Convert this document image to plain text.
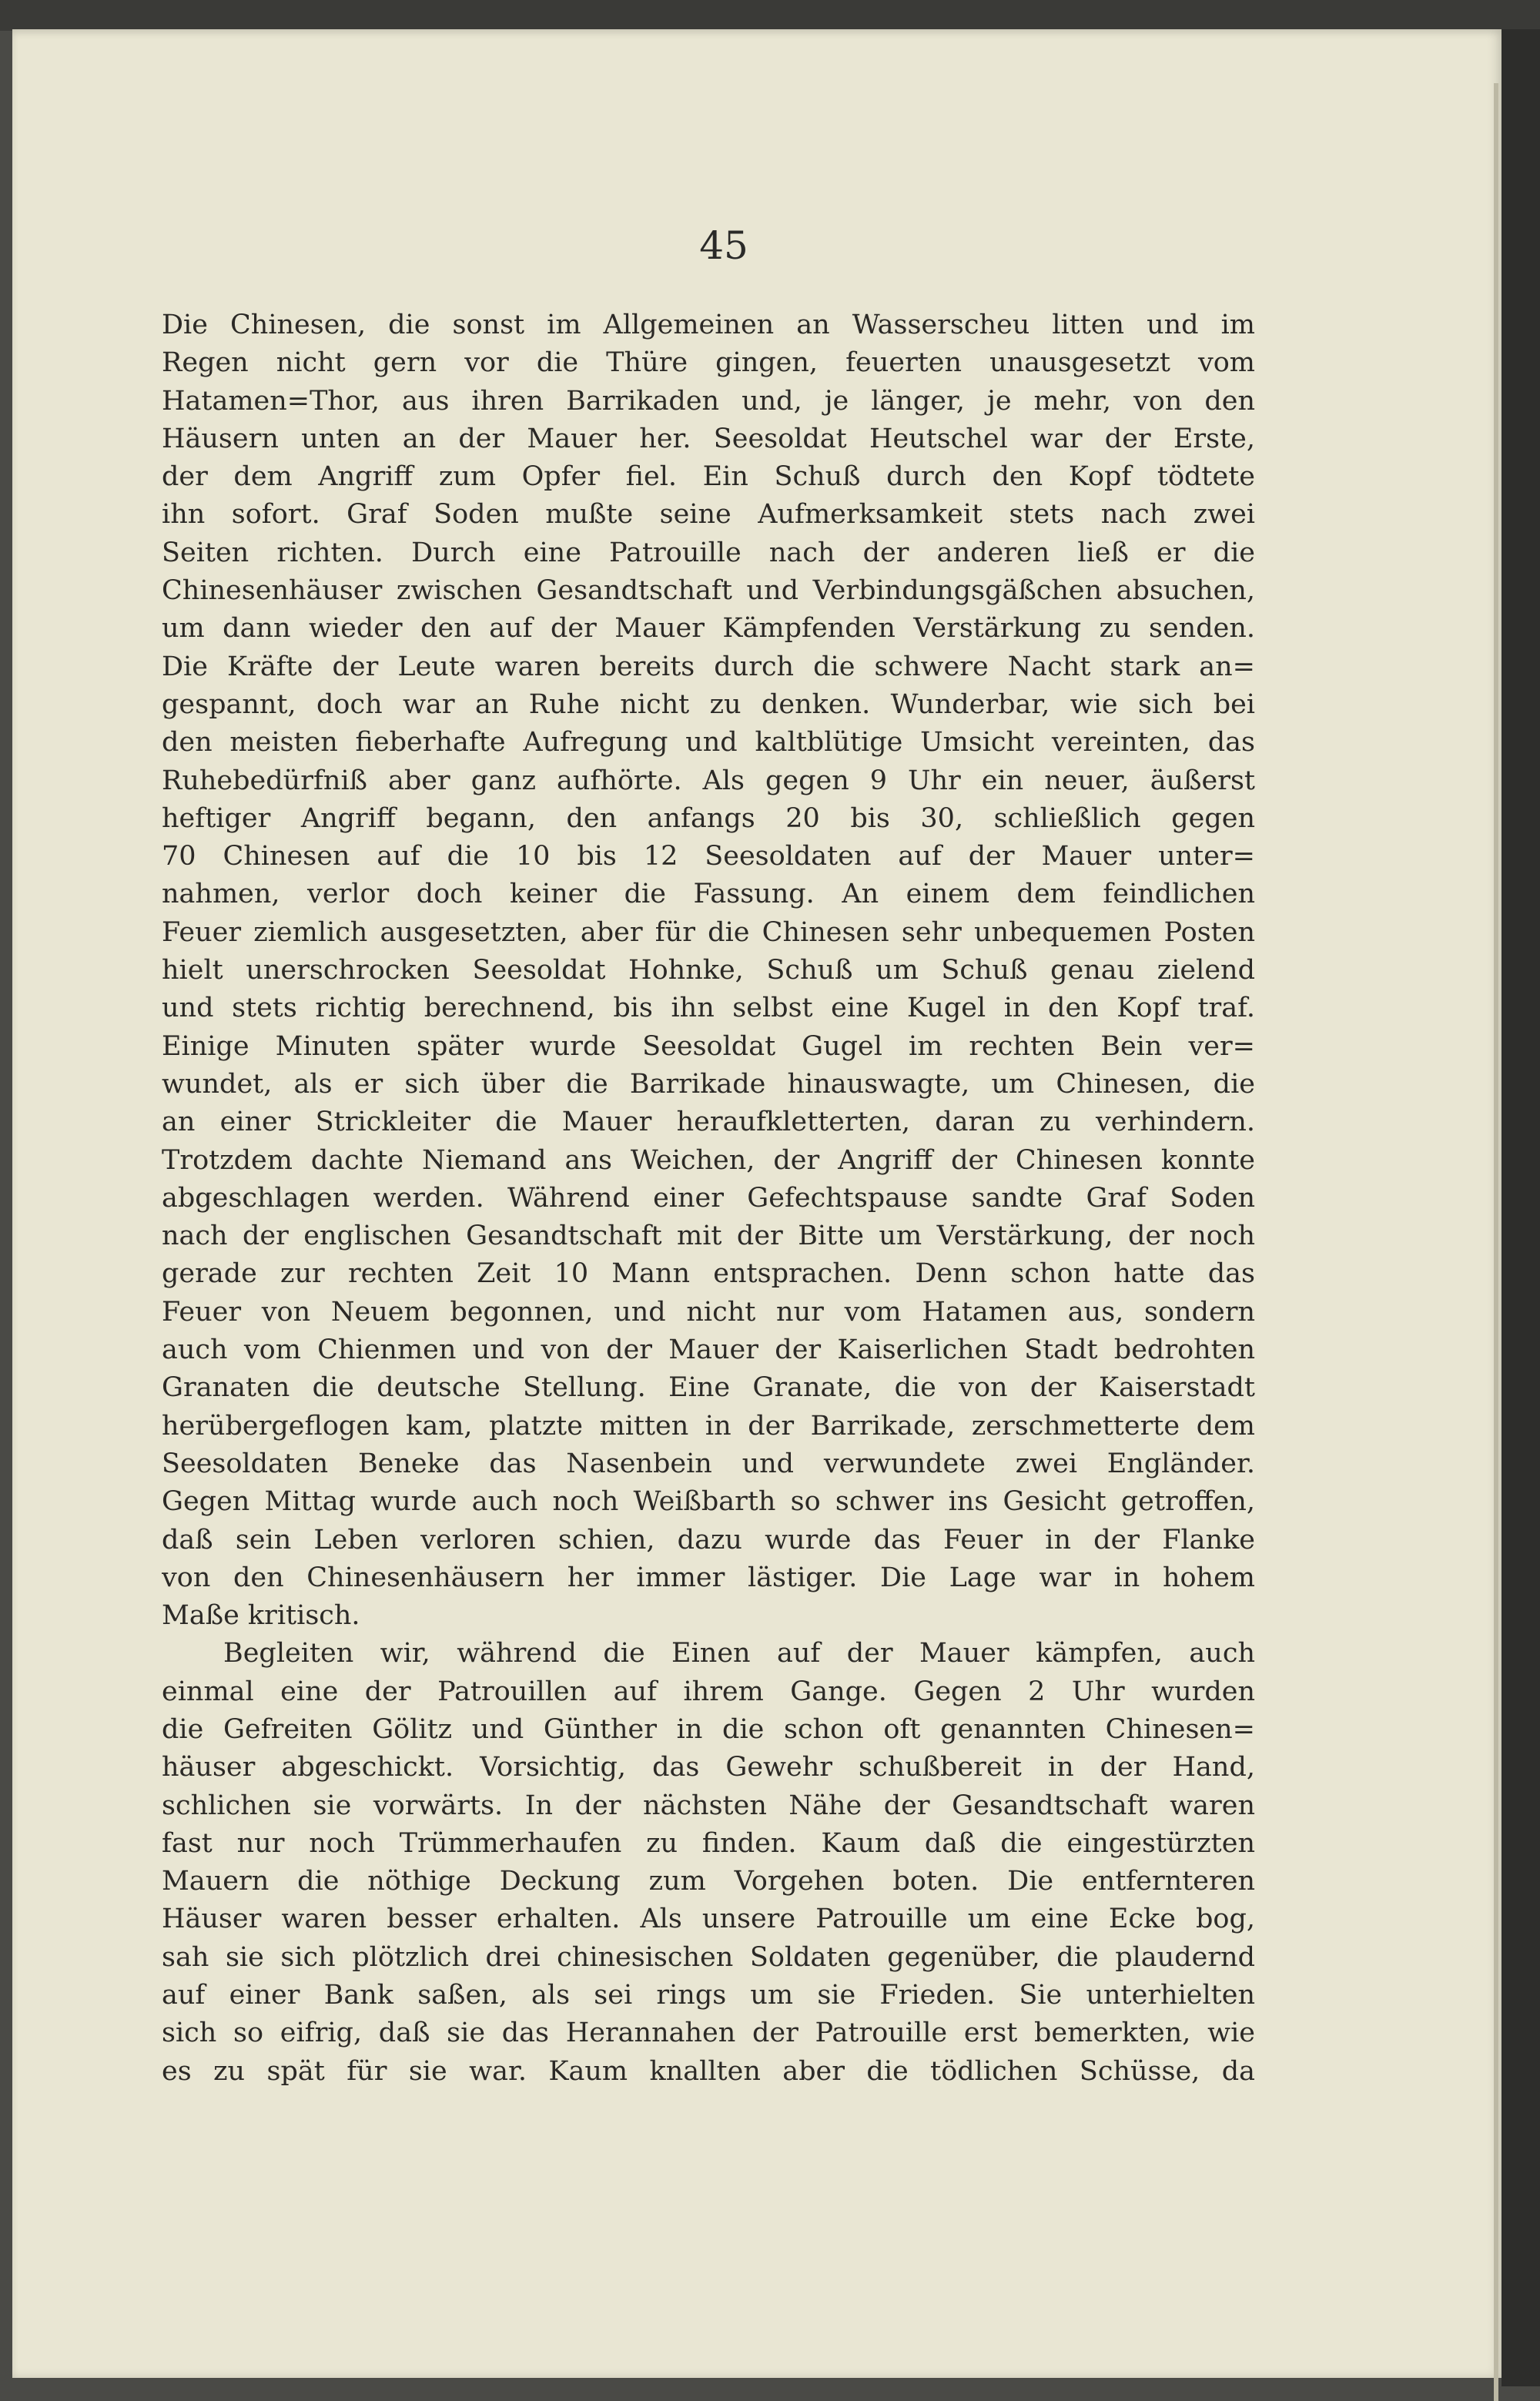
45
Die Chinesen, die sonst im Allgemeinen an Wasserscheu litten und im
Regen nicht gern vor die Thüre gingen, feuerten unausgesetzt vom
Hatamen=Thor, aus ihren Barrikaden und, je länger, je mehr, von den
Häusern unten an der Mauer her. Seesoldat Heutschel war der Erste,
der dem Angriff zum Opfer fiel. Ein Schuß durch den Kopf tödtete
ihn sofort. Graf Soden mußte seine Aufmerksamkeit stets nach zwei
Seiten richten. Durch eine Patrouille nach der anderen ließ er die
Chinesenhäuser zwischen Gesandtschaft und Verbindungsgäßchen absuchen,
um dann wieder den auf der Mauer Kämpfenden Verstärkung zu senden.
Die Kräfte der Leute waren bereits durch die schwere Nacht stark an=
gespannt, doch war an Ruhe nicht zu denken. Wunderbar, wie sich bei
den meisten fieberhafte Aufregung und kaltblütige Umsicht vereinten, das
Ruhebedürfniß aber ganz aufhörte. Als gegen 9 Uhr ein neuer, äußerst
heftiger Angriff begann, den anfangs 20 bis 30, schließlich gegen
70 Chinesen auf die 10 bis 12 Seesoldaten auf der Mauer unter=
nahmen, verlor doch keiner die Fassung. An einem dem feindlichen
Feuer ziemlich ausgesetzten, aber für die Chinesen sehr unbequemen Posten
hielt unerschrocken Seesoldat Hohnke, Schuß um Schuß genau zielend
und stets richtig berechnend, bis ihn selbst eine Kugel in den Kopf traf.
Einige Minuten später wurde Seesoldat Gugel im rechten Bein ver=
wundet, als er sich über die Barrikade hinauswagte, um Chinesen, die
an einer Strickleiter die Mauer heraufkletterten, daran zu verhindern.
Trotzdem dachte Niemand ans Weichen, der Angriff der Chinesen konnte
abgeschlagen werden. Während einer Gefechtspause sandte Graf Soden
nach der englischen Gesandtschaft mit der Bitte um Verstärkung, der noch
gerade zur rechten Zeit 10 Mann entsprachen. Denn schon hatte das
Feuer von Neuem begonnen, und nicht nur vom Hatamen aus, sondern
auch vom Chienmen und von der Mauer der Kaiserlichen Stadt bedrohten
Granaten die deutsche Stellung. Eine Granate, die von der Kaiserstadt
herübergeflogen kam, platzte mitten in der Barrikade, zerschmetterte dem
Seesoldaten Beneke das Nasenbein und verwundete zwei Engländer.
Gegen Mittag wurde auch noch Weißbarth so schwer ins Gesicht getroffen,
daß sein Leben verloren schien, dazu wurde das Feuer in der Flanke
von den Chinesenhäusern her immer lästiger. Die Lage war in hohem
Maße kritisch.
Begleiten wir, während die Einen auf der Mauer kämpfen, auch
einmal eine der Patrouillen auf ihrem Gange. Gegen 2 Uhr wurden
die Gefreiten Gölitz und Günther in die schon oft genannten Chinesen=
häuser abgeschickt. Vorsichtig, das Gewehr schußbereit in der Hand,
schlichen sie vorwärts. In der nächsten Nähe der Gesandtschaft waren
fast nur noch Trümmerhaufen zu finden. Kaum daß die eingestürzten
Mauern die nöthige Deckung zum Vorgehen boten. Die entfernteren
Häuser waren besser erhalten. Als unsere Patrouille um eine Ecke bog,
sah sie sich plötzlich drei chinesischen Soldaten gegenüber, die plaudernd
auf einer Bank saßen, als sei rings um sie Frieden. Sie unterhielten
sich so eifrig, daß sie das Herannahen der Patrouille erst bemerkten, wie
es zu spät für sie war. Kaum knallten aber die tödlichen Schüsse, da
